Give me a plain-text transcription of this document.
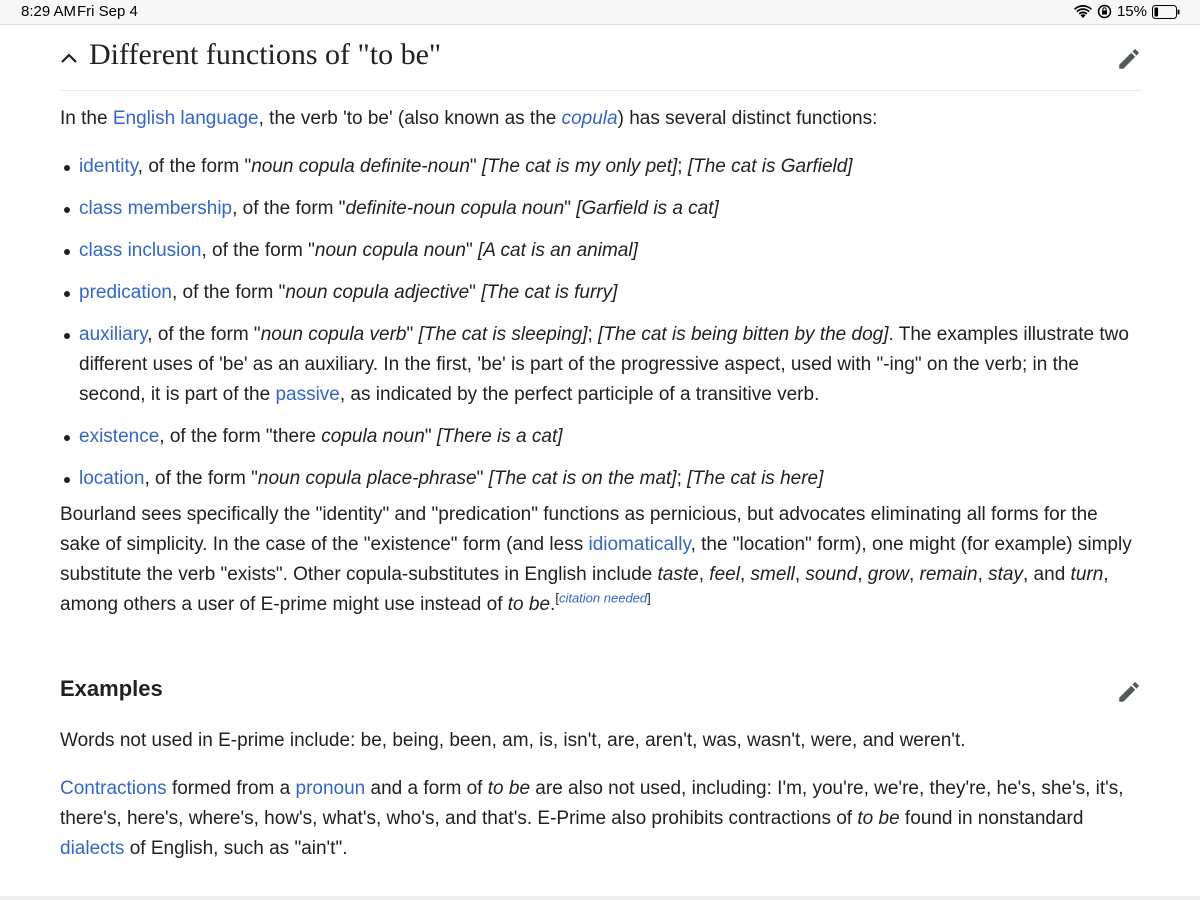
8:29 AM Fri Sep 4	15%
Different functions of "to be"

In the English language, the verb 'to be' (also known as the copula) has several distinct functions:

identity, of the form "noun copula definite-noun" [The cat is my only pet]; [The cat is Garfield]
class membership, of the form "definite-noun copula noun" [Garfield is a cat]
class inclusion, of the form "noun copula noun" [A cat is an animal]
predication, of the form "noun copula adjective" [The cat is furry]
auxiliary, of the form "noun copula verb" [The cat is sleeping]; [The cat is being bitten by the dog]. The examples illustrate two different uses of 'be' as an auxiliary. In the first, 'be' is part of the progressive aspect, used with "-ing" on the verb; in the second, it is part of the passive, as indicated by the perfect participle of a transitive verb.
existence, of the form "there copula noun" [There is a cat]
location, of the form "noun copula place-phrase" [The cat is on the mat]; [The cat is here]

Bourland sees specifically the "identity" and "predication" functions as pernicious, but advocates eliminating all forms for the sake of simplicity. In the case of the "existence" form (and less idiomatically, the "location" form), one might (for example) simply substitute the verb "exists". Other copula-substitutes in English include taste, feel, smell, sound, grow, remain, stay, and turn, among others a user of E-prime might use instead of to be.[citation needed]

Examples

Words not used in E-prime include: be, being, been, am, is, isn't, are, aren't, was, wasn't, were, and weren't.

Contractions formed from a pronoun and a form of to be are also not used, including: I'm, you're, we're, they're, he's, she's, it's, there's, here's, where's, how's, what's, who's, and that's. E-Prime also prohibits contractions of to be found in nonstandard dialects of English, such as "ain't".
